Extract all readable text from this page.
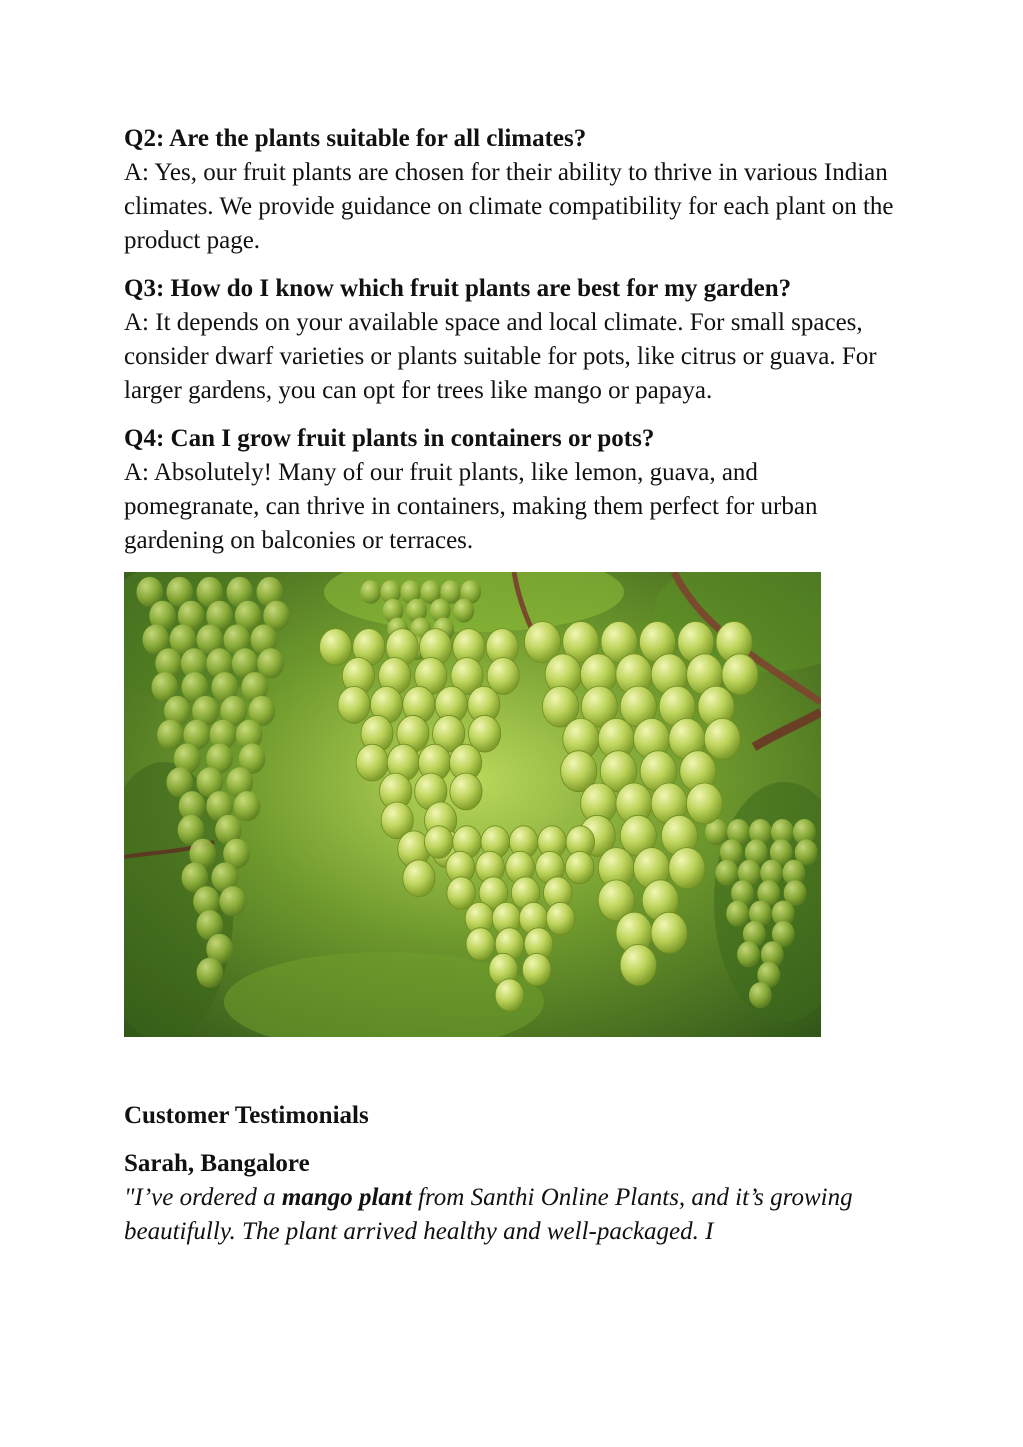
Q2: Are the plants suitable for all climates?

A: Yes, our fruit plants are chosen for their ability to thrive in various Indian climates. We provide guidance on climate compatibility for each plant on the product page.

Q3: How do I know which fruit plants are best for my garden?

A: It depends on your available space and local climate. For small spaces, consider dwarf varieties or plants suitable for pots, like citrus or guava. For larger gardens, you can opt for trees like mango or papaya.

Q4: Can I grow fruit plants in containers or pots?

A: Absolutely! Many of our fruit plants, like lemon, guava, and pomegranate, can thrive in containers, making them perfect for urban gardening on balconies or terraces.

Customer Testimonials

Sarah, Bangalore

"I’ve ordered a mango plant from Santhi Online Plants, and it’s growing beautifully. The plant arrived healthy and well-packaged. I
